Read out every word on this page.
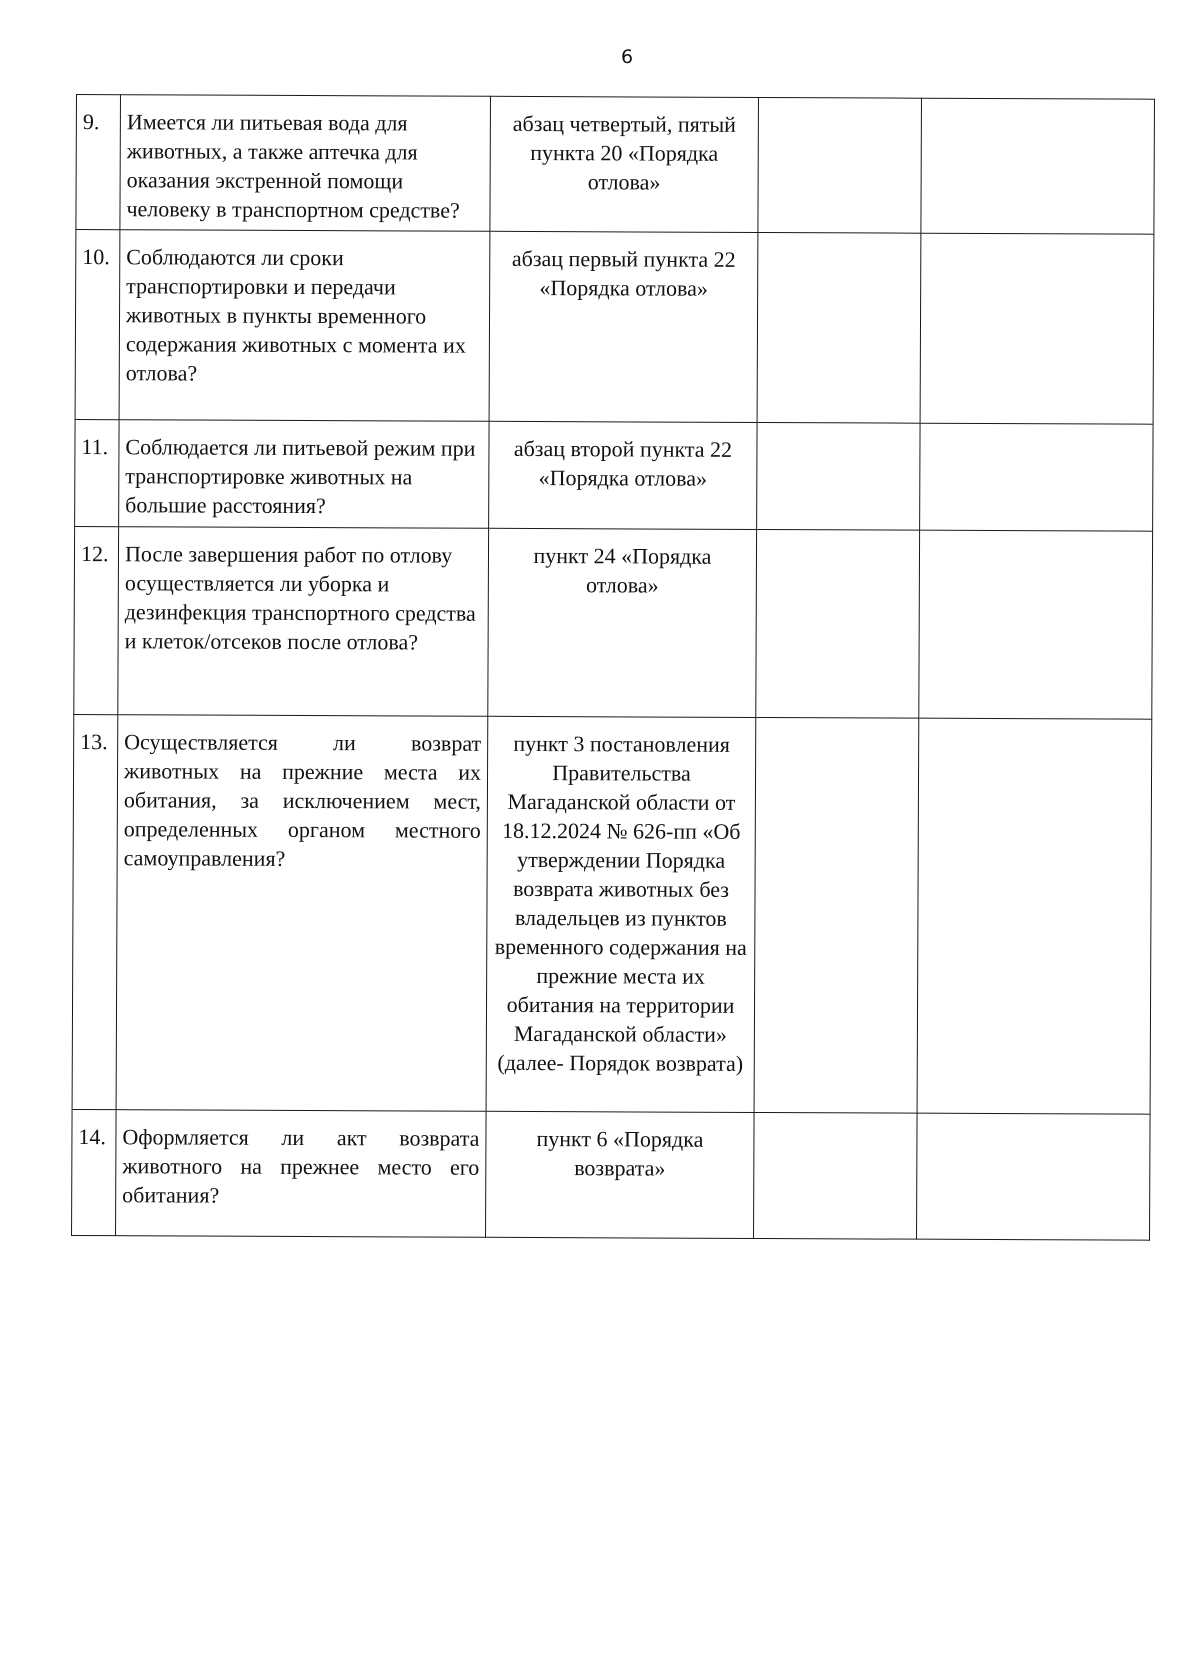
6
9.	Имеется ли питьевая вода для животных, а также аптечка для оказания экстренной помощи человеку в транспортном средстве?	абзац четвертый, пятый пункта 20 «Порядка отлова»		
10.	Соблюдаются ли сроки транспортировки и передачи животных в пункты временного содержания животных с момента их отлова?	абзац первый пункта 22 «Порядка отлова»		
11.	Соблюдается ли питьевой режим при транспортировке животных на большие расстояния?	абзац второй пункта 22 «Порядка отлова»		
12.	После завершения работ по отлову осуществляется ли уборка и дезинфекция транспортного средства и клеток/отсеков после отлова?	пункт 24 «Порядка отлова»		
13.	Осуществляется ли возврат животных на прежние места их обитания, за исключением мест, определенных органом местного самоуправления?	пункт 3 постановления Правительства Магаданской области от 18.12.2024 № 626-пп «Об утверждении Порядка возврата животных без владельцев из пунктов временного содержания на прежние места их обитания на территории Магаданской области» (далее- Порядок возврата)		
14.	Оформляется ли акт возврата животного на прежнее место его обитания?	пункт 6 «Порядка возврата»		
